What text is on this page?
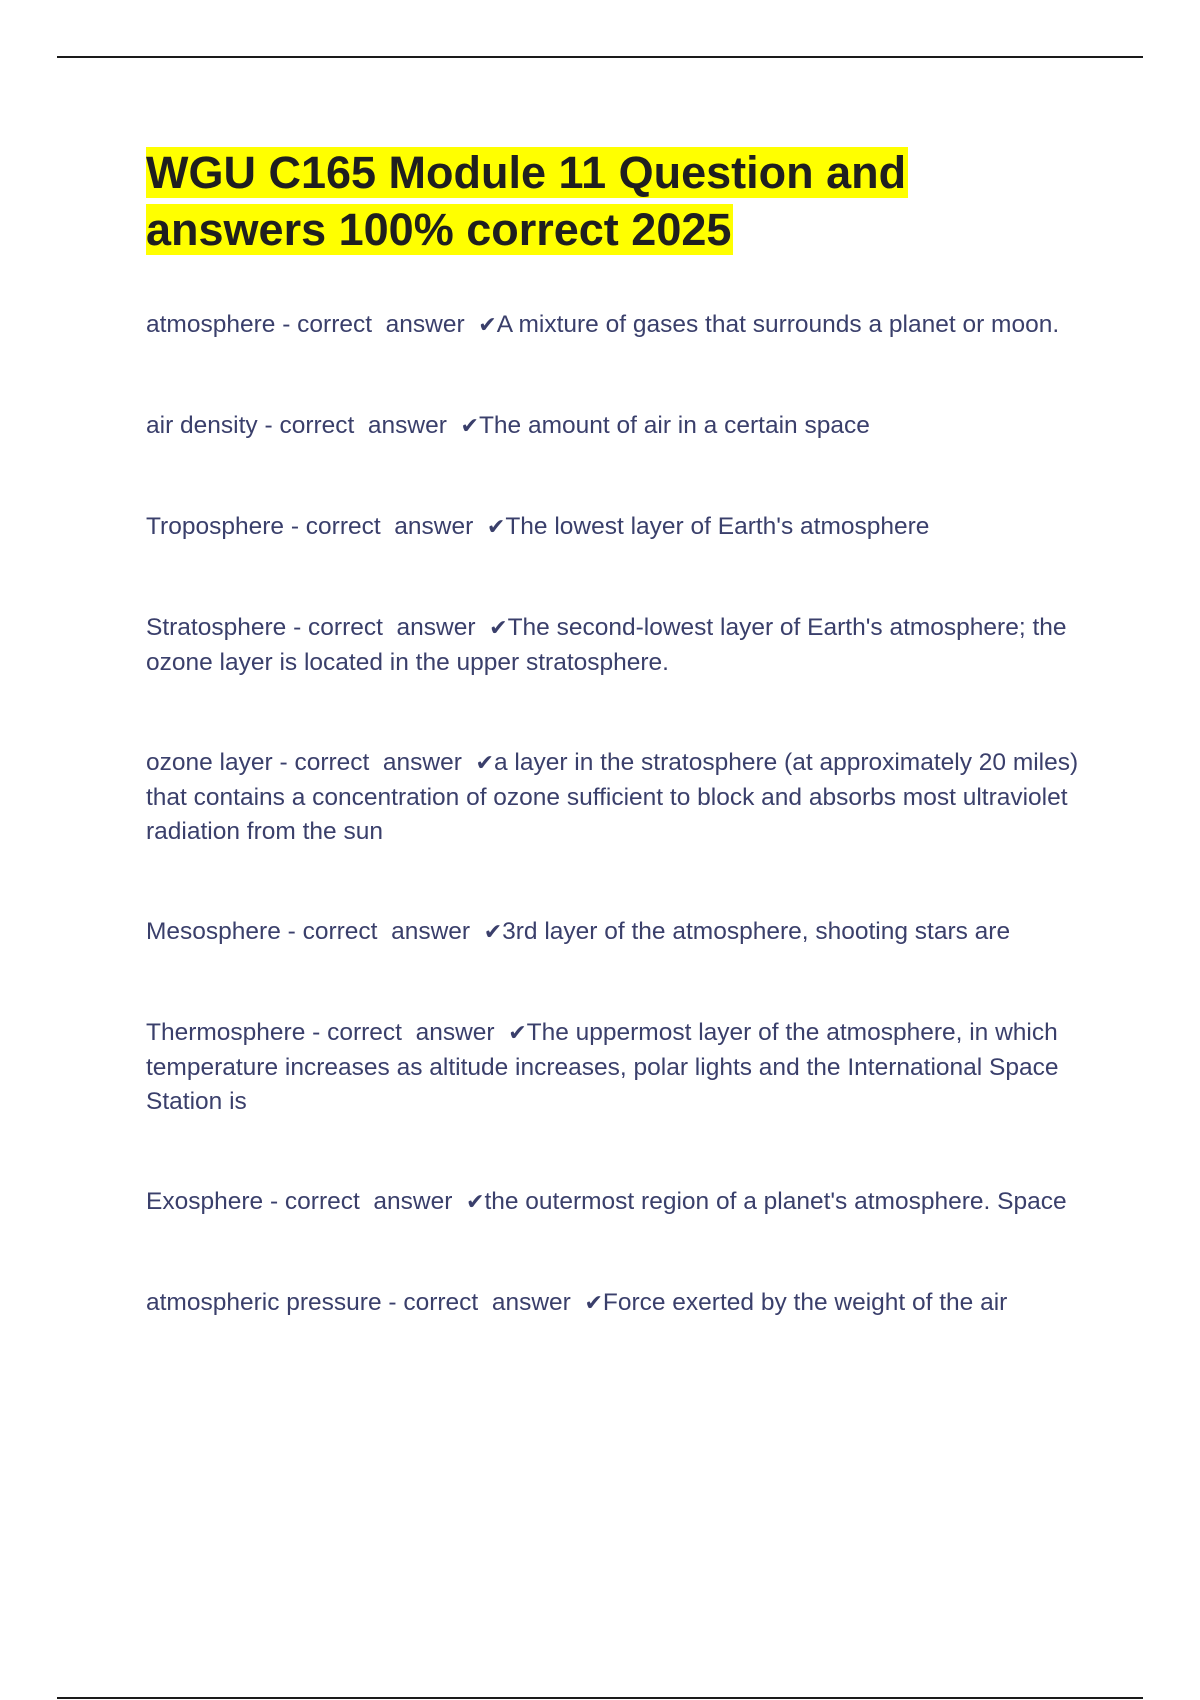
WGU C165 Module 11 Question and answers 100% correct 2025

atmosphere - correct  answer  ✔A mixture of gases that surrounds a planet or moon.

air density - correct  answer  ✔The amount of air in a certain space

Troposphere - correct  answer  ✔The lowest layer of Earth's atmosphere

Stratosphere - correct  answer  ✔The second-lowest layer of Earth's atmosphere; the ozone layer is located in the upper stratosphere.

ozone layer - correct  answer  ✔a layer in the stratosphere (at approximately 20 miles) that contains a concentration of ozone sufficient to block and absorbs most ultraviolet radiation from the sun

Mesosphere - correct  answer  ✔3rd layer of the atmosphere, shooting stars are

Thermosphere - correct  answer  ✔The uppermost layer of the atmosphere, in which temperature increases as altitude increases, polar lights and the International Space Station is

Exosphere - correct  answer  ✔the outermost region of a planet's atmosphere. Space

atmospheric pressure - correct  answer  ✔Force exerted by the weight of the air
